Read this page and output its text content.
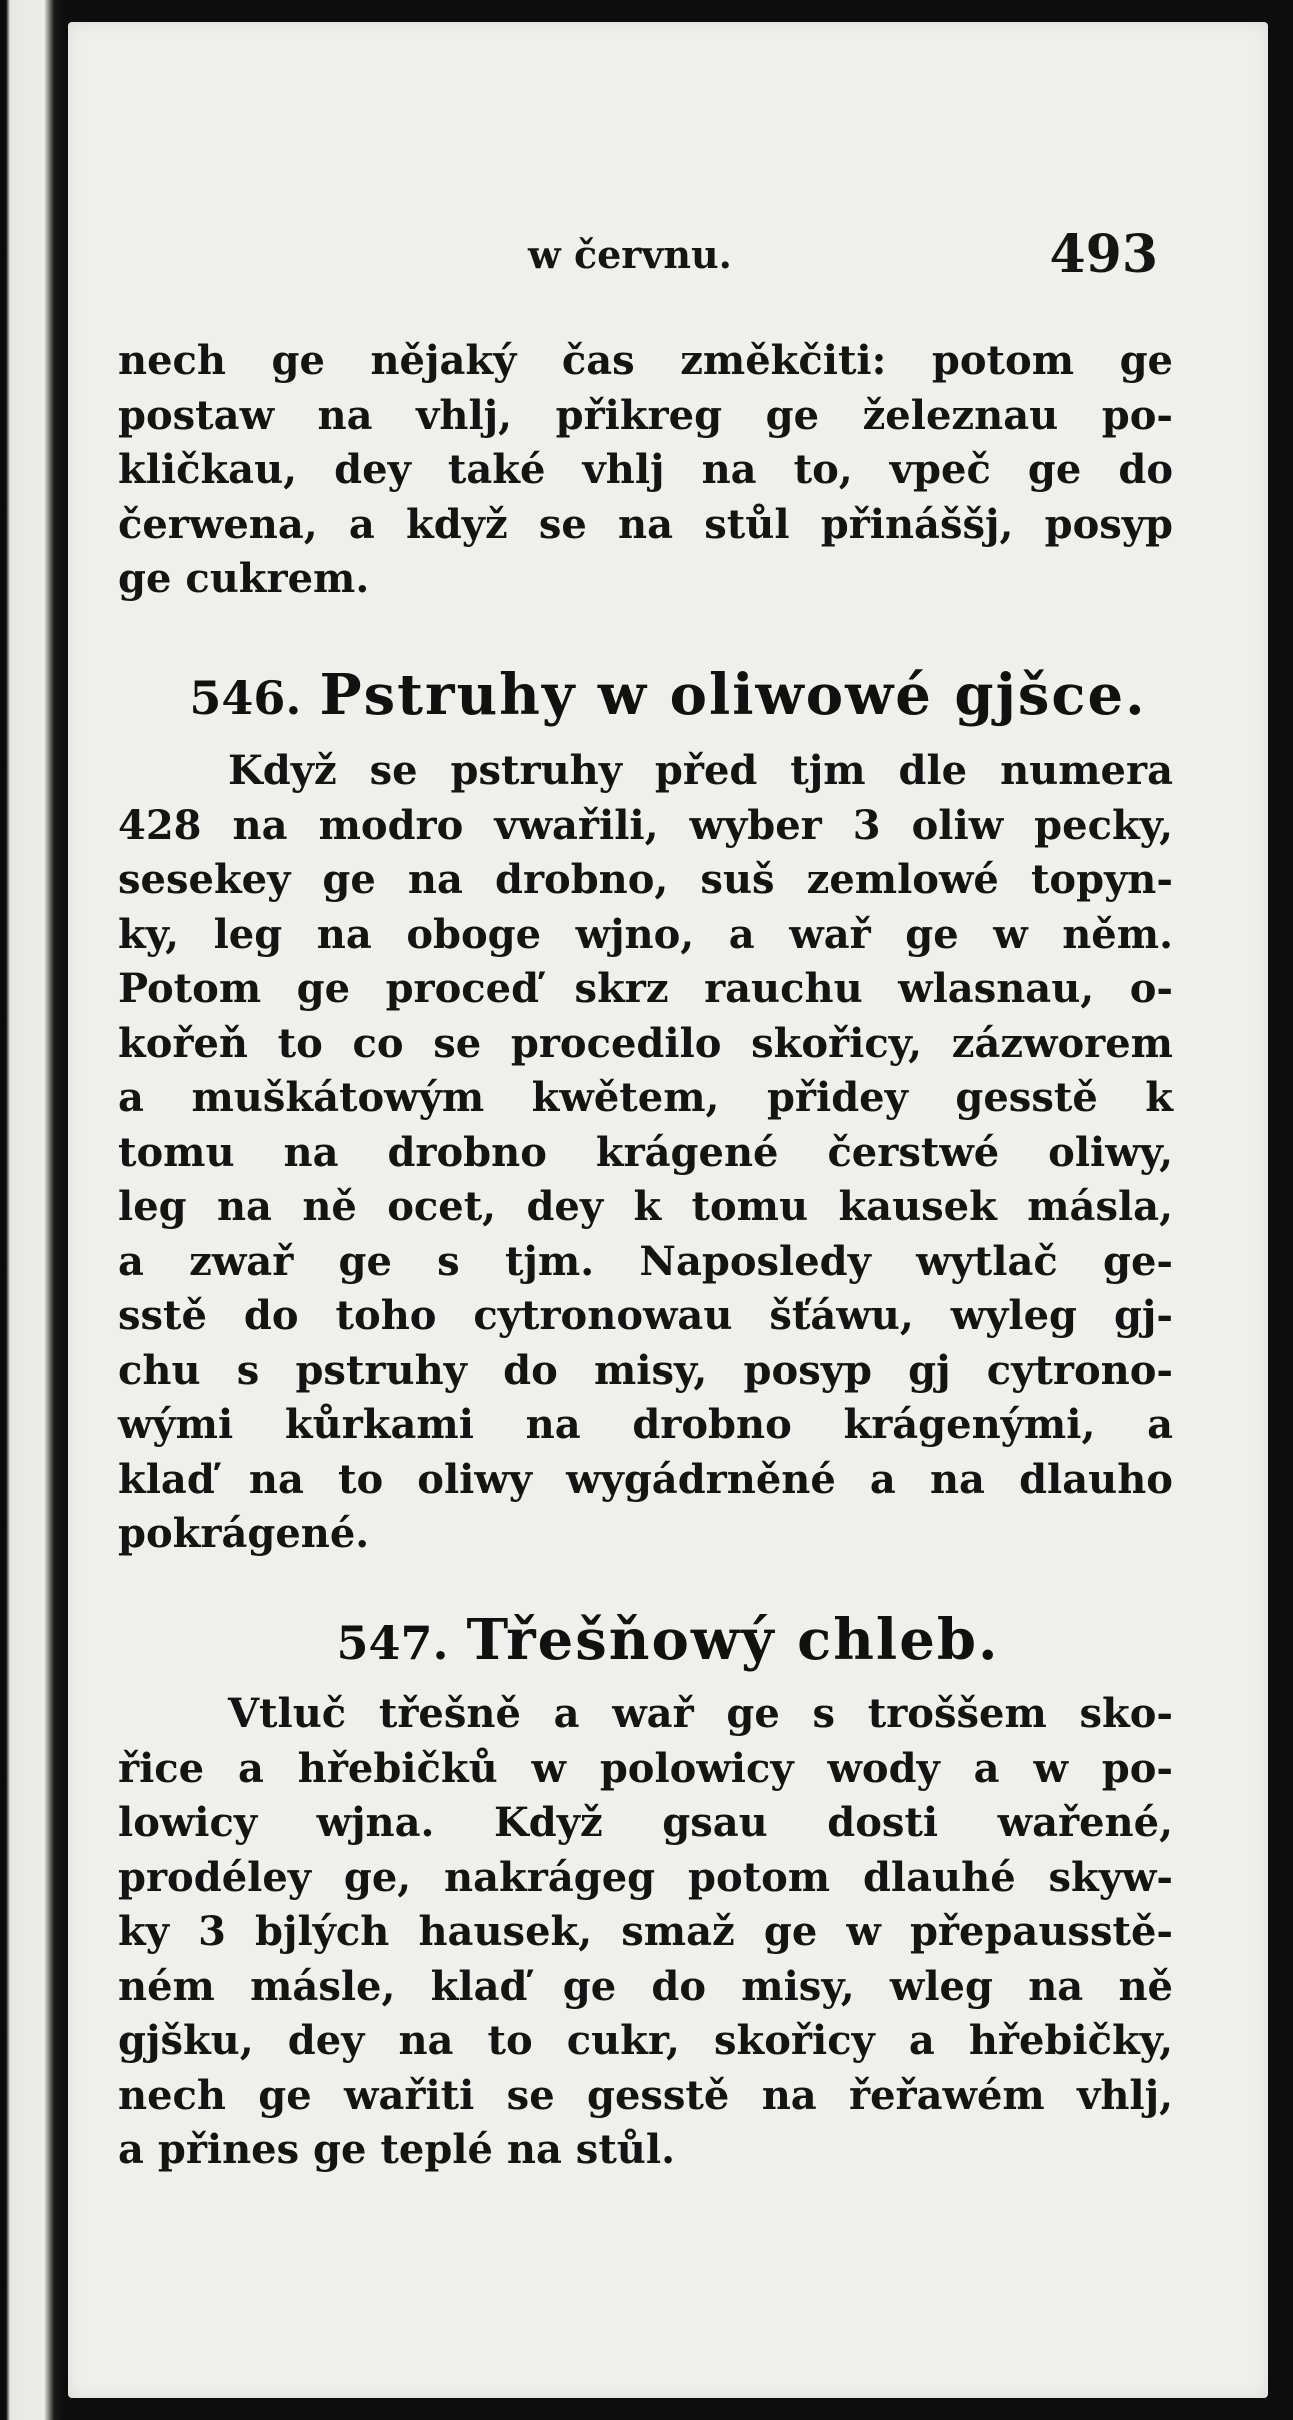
w červnu.	493
nech ge nějaký čas změkčiti: potom ge
postaw na vhlj, přikreg ge železnau po-
kličkau, dey také vhlj na to, vpeč ge do
čerwena, a když se na stůl přináššj, posyp
ge cukrem.
546. Pstruhy w oliwowé gjšce.
Když se pstruhy před tjm dle numera
428 na modro vwařili, wyber 3 oliw pecky,
sesekey ge na drobno, suš zemlowé topyn-
ky, leg na oboge wjno, a wař ge w něm.
Potom ge proceď skrz rauchu wlasnau, o-
kořeň to co se procedilo skořicy, zázworem
a muškátowým kwětem, přidey gesstě k
tomu na drobno krágené čerstwé oliwy,
leg na ně ocet, dey k tomu kausek másla,
a zwař ge s tjm. Naposledy wytlač ge-
sstě do toho cytronowau šťáwu, wyleg gj-
chu s pstruhy do misy, posyp gj cytrono-
wými kůrkami na drobno krágenými, a
klaď na to oliwy wygádrněné a na dlauho
pokrágené.
547. Třešňowý chleb.
Vtluč třešně a wař ge s troššem sko-
řice a hřebičků w polowicy wody a w po-
lowicy wjna. Když gsau dosti wařené,
prodéley ge, nakrágeg potom dlauhé skyw-
ky 3 bjlých hausek, smaž ge w přepausstě-
ném másle, klaď ge do misy, wleg na ně
gjšku, dey na to cukr, skořicy a hřebičky,
nech ge wařiti se gesstě na řeřawém vhlj,
a přines ge teplé na stůl.
